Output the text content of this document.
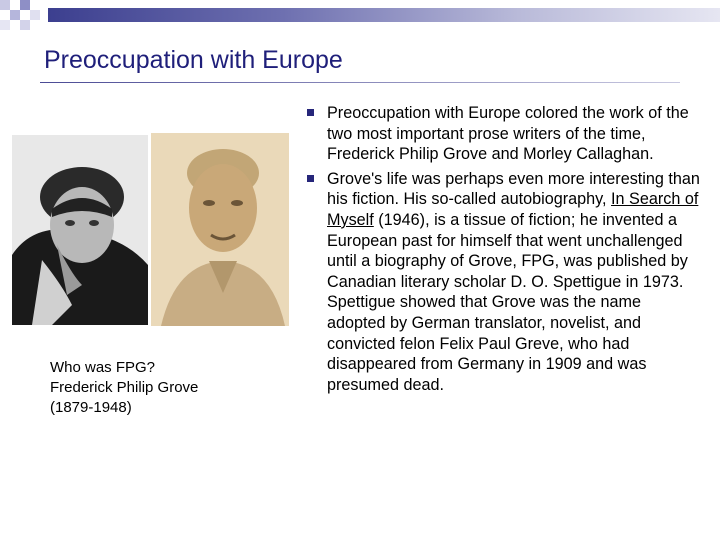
Preoccupation with Europe
Who was FPG?
Frederick Philip Grove
(1879-1948)
Preoccupation with Europe colored the work of the two most important prose writers of the time, Frederick Philip Grove and Morley Callaghan.
Grove's life was perhaps even more interesting than his fiction. His so-called autobiography, In Search of Myself (1946), is a tissue of fiction; he invented a European past for himself that went unchallenged until a biography of Grove, FPG, was published by Canadian literary scholar D. O. Spettigue in 1973. Spettigue showed that Grove was the name adopted by German translator, novelist, and convicted felon Felix Paul Greve, who had disappeared from Germany in 1909 and was presumed dead.
